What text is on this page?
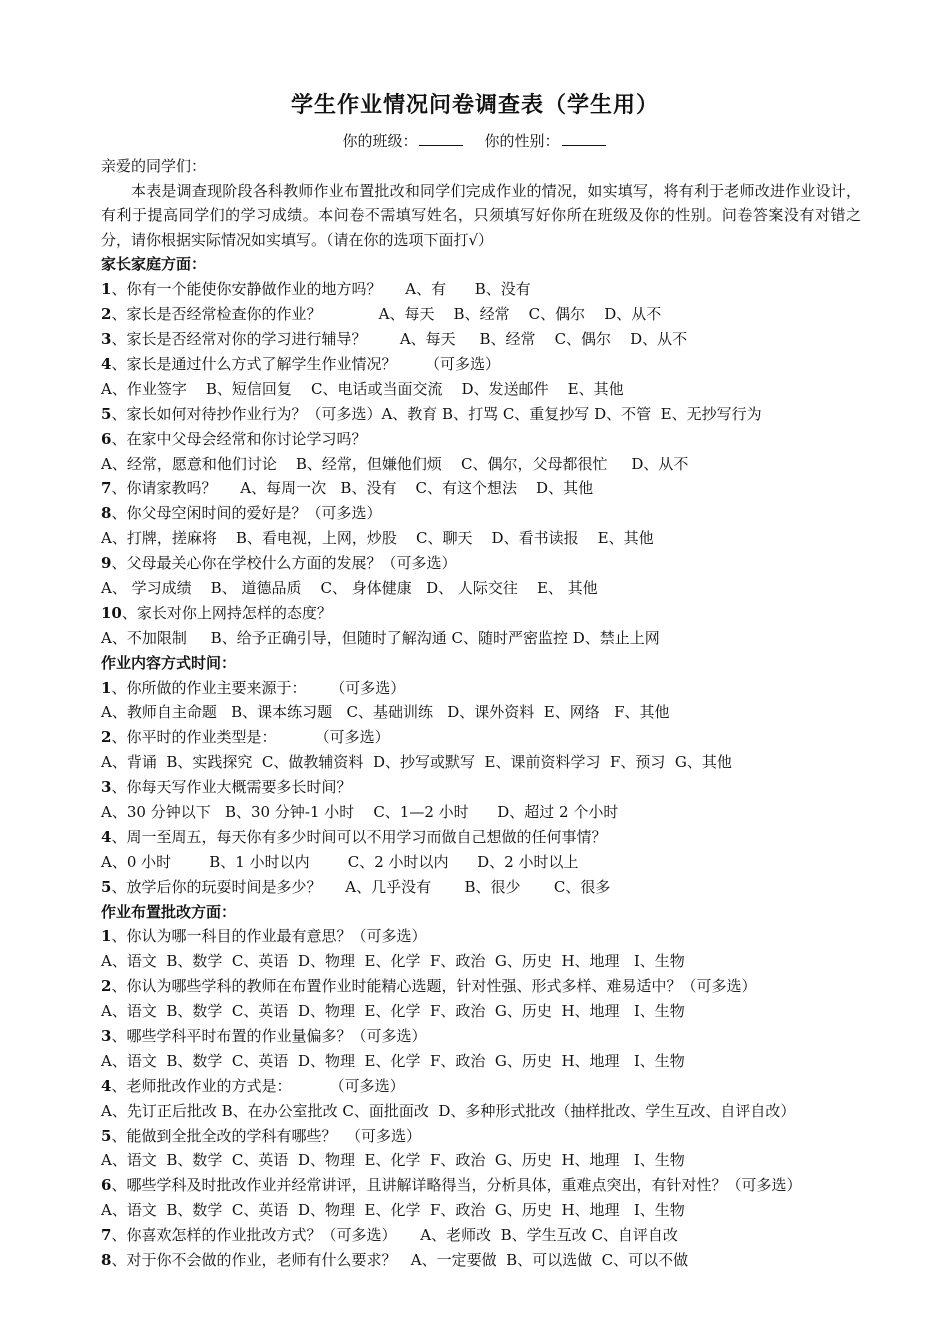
学生作业情况问卷调查表（学生用）
你的班级：	你的性别：
亲爱的同学们：

本表是调查现阶段各科教师作业布置批改和同学们完成作业的情况，如实填写，将有利于老师改进作业设计，有利于提高同学们的学习成绩。本问卷不需填写姓名，只须填写好你所在班级及你的性别。问卷答案没有对错之分，请你根据实际情况如实填写。（请在你的选项下面打√）

家长家庭方面：
1、你有一个能使你安静做作业的地方吗？     A、有      B、没有
2、家长是否经常检查你的作业？            A、每天    B、经常    C、偶尔    D、从不
3、家长是否经常对你的学习进行辅导？       A、每天     B、经常    C、偶尔    D、从不
4、家长是通过什么方式了解学生作业情况？      （可多选）
A、作业签字    B、短信回复    C、电话或当面交流    D、发送邮件    E、其他
5、家长如何对待抄作业行为？（可多选）A、教育 B、打骂 C、重复抄写 D、不管  E、无抄写行为
6、在家中父母会经常和你讨论学习吗？
A、经常，愿意和他们讨论    B、经常，但嫌他们烦    C、偶尔，父母都很忙     D、从不
7、你请家教吗？     A、每周一次   B、没有    C、有这个想法    D、其他
8、你父母空闲时间的爱好是？（可多选）
A、打牌，搓麻将    B、看电视，上网，炒股    C、聊天    D、看书读报    E、其他
9、父母最关心你在学校什么方面的发展？（可多选）
A、 学习成绩    B、 道德品质    C、 身体健康   D、 人际交往    E、 其他
10、家长对你上网持怎样的态度？
A、不加限制     B、给予正确引导，但随时了解沟通 C、随时严密监控 D、禁止上网
作业内容方式时间：
1、你所做的作业主要来源于：     （可多选）
A、教师自主命题   B、课本练习题   C、基础训练   D、课外资料  E、网络   F、其他
2、你平时的作业类型是：        （可多选）
A、背诵  B、实践探究  C、做教辅资料  D、抄写或默写  E、课前资料学习  F、预习  G、其他
3、你每天写作业大概需要多长时间？
A、30 分钟以下   B、30 分钟-1 小时    C、1—2 小时      D、超过 2 个小时
4、周一至周五，每天你有多少时间可以不用学习而做自己想做的任何事情？
A、0 小时        B、1 小时以内        C、2 小时以内      D、2 小时以上
5、放学后你的玩耍时间是多少？     A、几乎没有       B、很少       C、很多
作业布置批改方面：
1、你认为哪一科目的作业最有意思？（可多选）
A、语文  B、数学  C、英语  D、物理  E、化学  F、政治  G、历史  H、地理   I、生物
2、你认为哪些学科的教师在布置作业时能精心选题，针对性强、形式多样、难易适中？（可多选）
A、语文  B、数学  C、英语  D、物理  E、化学  F、政治  G、历史  H、地理   I、生物
3、哪些学科平时布置的作业量偏多？（可多选）
A、语文  B、数学  C、英语  D、物理  E、化学  F、政治  G、历史  H、地理   I、生物
4、老师批改作业的方式是：        （可多选）
A、先订正后批改 B、在办公室批改 C、面批面改  D、多种形式批改（抽样批改、学生互改、自评自改）
5、能做到全批全改的学科有哪些？  （可多选）
A、语文  B、数学  C、英语  D、物理  E、化学  F、政治  G、历史  H、地理   I、生物
6、哪些学科及时批改作业并经常讲评，且讲解详略得当，分析具体，重难点突出，有针对性？（可多选）
A、语文  B、数学  C、英语  D、物理  E、化学  F、政治  G、历史  H、地理   I、生物
7、你喜欢怎样的作业批改方式？（可多选）     A、老师改  B、学生互改 C、自评自改
8、对于你不会做的作业，老师有什么要求？   A、一定要做  B、可以选做  C、可以不做
